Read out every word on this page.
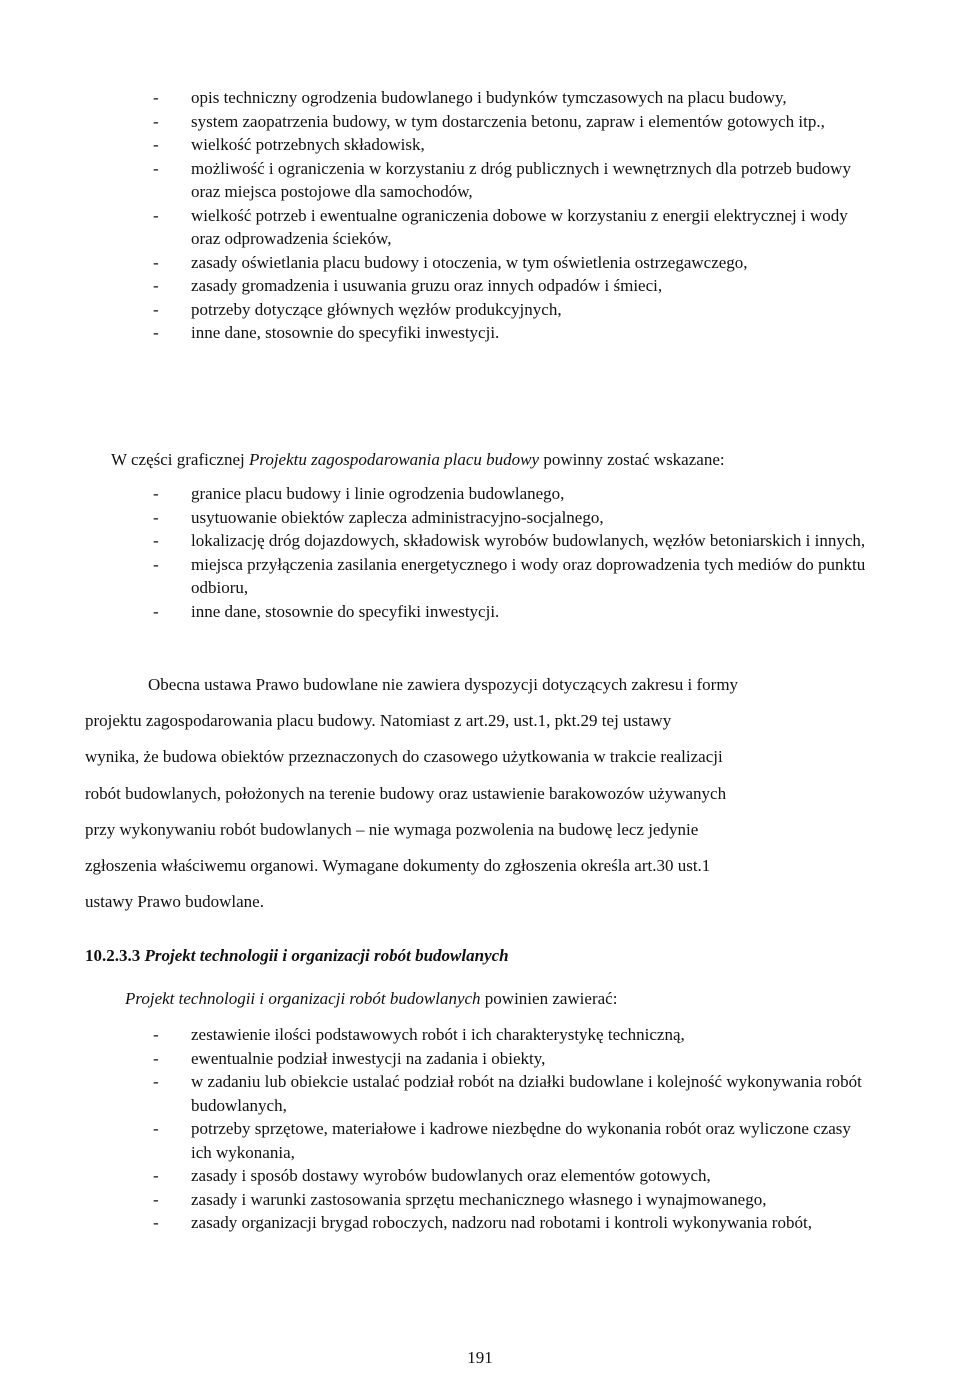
- opis techniczny ogrodzenia budowlanego i budynków tymczasowych na placu budowy,
- system zaopatrzenia budowy, w tym dostarczenia betonu, zapraw i elementów gotowych itp.,
- wielkość potrzebnych składowisk,
- możliwość i ograniczenia w korzystaniu z dróg publicznych i wewnętrznych dla potrzeb budowy oraz miejsca postojowe dla samochodów,
- wielkość potrzeb i ewentualne ograniczenia dobowe w korzystaniu z energii elektrycznej i wody oraz odprowadzenia ścieków,
- zasady oświetlania placu budowy i otoczenia, w tym oświetlenia ostrzegawczego,
- zasady gromadzenia i usuwania gruzu oraz innych odpadów i śmieci,
- potrzeby dotyczące głównych węzłów produkcyjnych,
- inne dane, stosownie do specyfiki inwestycji.
W części graficznej Projektu zagospodarowania placu budowy powinny zostać wskazane:
- granice placu budowy i linie ogrodzenia budowlanego,
- usytuowanie obiektów zaplecza administracyjno-socjalnego,
- lokalizację dróg dojazdowych, składowisk wyrobów budowlanych, węzłów betoniarskich i innych,
- miejsca przyłączenia zasilania energetycznego i wody oraz doprowadzenia tych mediów do punktu odbioru,
- inne dane, stosownie do specyfiki inwestycji.
Obecna ustawa Prawo budowlane nie zawiera dyspozycji dotyczących zakresu i formy
projektu zagospodarowania placu budowy. Natomiast z art.29, ust.1, pkt.29 tej ustawy
wynika, że budowa obiektów przeznaczonych do czasowego użytkowania w trakcie realizacji
robót budowlanych, położonych na terenie budowy oraz ustawienie barakowozów używanych
przy wykonywaniu robót budowlanych – nie wymaga pozwolenia na budowę lecz jedynie
zgłoszenia właściwemu organowi. Wymagane dokumenty do zgłoszenia określa art.30 ust.1
ustawy Prawo budowlane.
10.2.3.3 Projekt technologii i organizacji robót budowlanych
Projekt technologii i organizacji robót budowlanych powinien zawierać:
- zestawienie ilości podstawowych robót i ich charakterystykę techniczną,
- ewentualnie podział inwestycji na zadania i obiekty,
- w zadaniu lub obiekcie ustalać podział robót na działki budowlane i kolejność wykonywania robót budowlanych,
- potrzeby sprzętowe, materiałowe i kadrowe niezbędne do wykonania robót oraz wyliczone czasy ich wykonania,
- zasady i sposób dostawy wyrobów budowlanych oraz elementów gotowych,
- zasady i warunki zastosowania sprzętu mechanicznego własnego i wynajmowanego,
- zasady organizacji brygad roboczych, nadzoru nad robotami i kontroli wykonywania robót,
191
